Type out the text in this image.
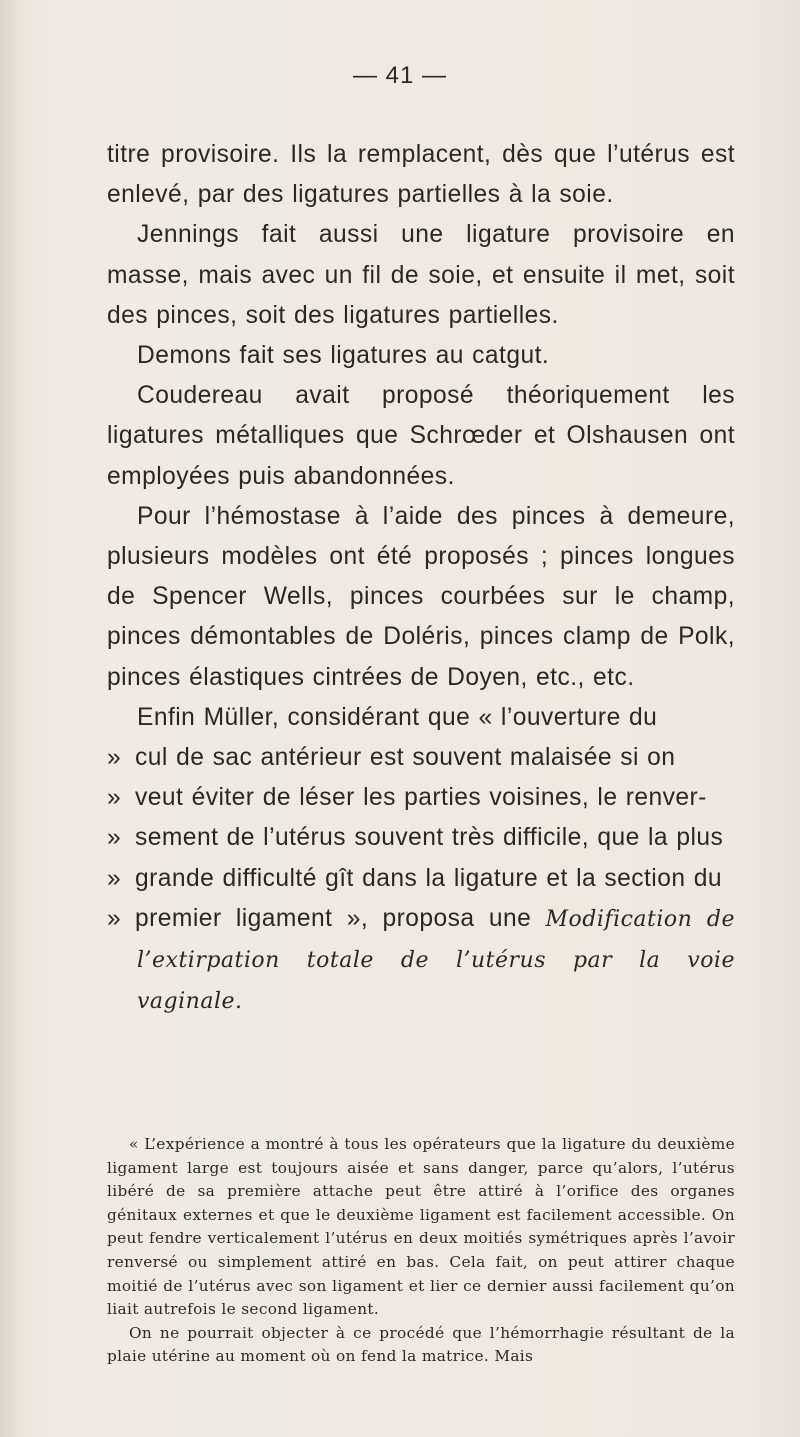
— 41 —

titre provisoire. Ils la remplacent, dès que l’utérus est enlevé, par des ligatures partielles à la soie.

Jennings fait aussi une ligature provisoire en masse, mais avec un fil de soie, et ensuite il met, soit des pinces, soit des ligatures partielles.

Demons fait ses ligatures au catgut.

Coudereau avait proposé théoriquement les ligatures métalliques que Schrœder et Olshausen ont employées puis abandonnées.

Pour l’hémostase à l’aide des pinces à demeure, plusieurs modèles ont été proposés ; pinces longues de Spencer Wells, pinces courbées sur le champ, pinces démontables de Doléris, pinces clamp de Polk, pinces élastiques cintrées de Doyen, etc., etc.

Enfin Müller, considérant que « l’ouverture du

» cul de sac antérieur est souvent malaisée si on
» veut éviter de léser les parties voisines, le renver-
» sement de l’utérus souvent très difficile, que la plus
» grande difficulté gît dans la ligature et la section du
» premier ligament », proposa une Modification de l’extirpation totale de l’utérus par la voie vaginale.

« L’expérience a montré à tous les opérateurs que la ligature du deuxième ligament large est toujours aisée et sans danger, parce qu’alors, l’utérus libéré de sa première attache peut être attiré à l’orifice des organes génitaux externes et que le deuxième ligament est facilement accessible. On peut fendre verticalement l’utérus en deux moitiés symétriques après l’avoir renversé ou simplement attiré en bas. Cela fait, on peut attirer chaque moitié de l’utérus avec son ligament et lier ce dernier aussi facilement qu’on liait autrefois le second ligament.

On ne pourrait objecter à ce procédé que l’hémorrhagie résultant de la plaie utérine au moment où on fend la matrice. Mais
